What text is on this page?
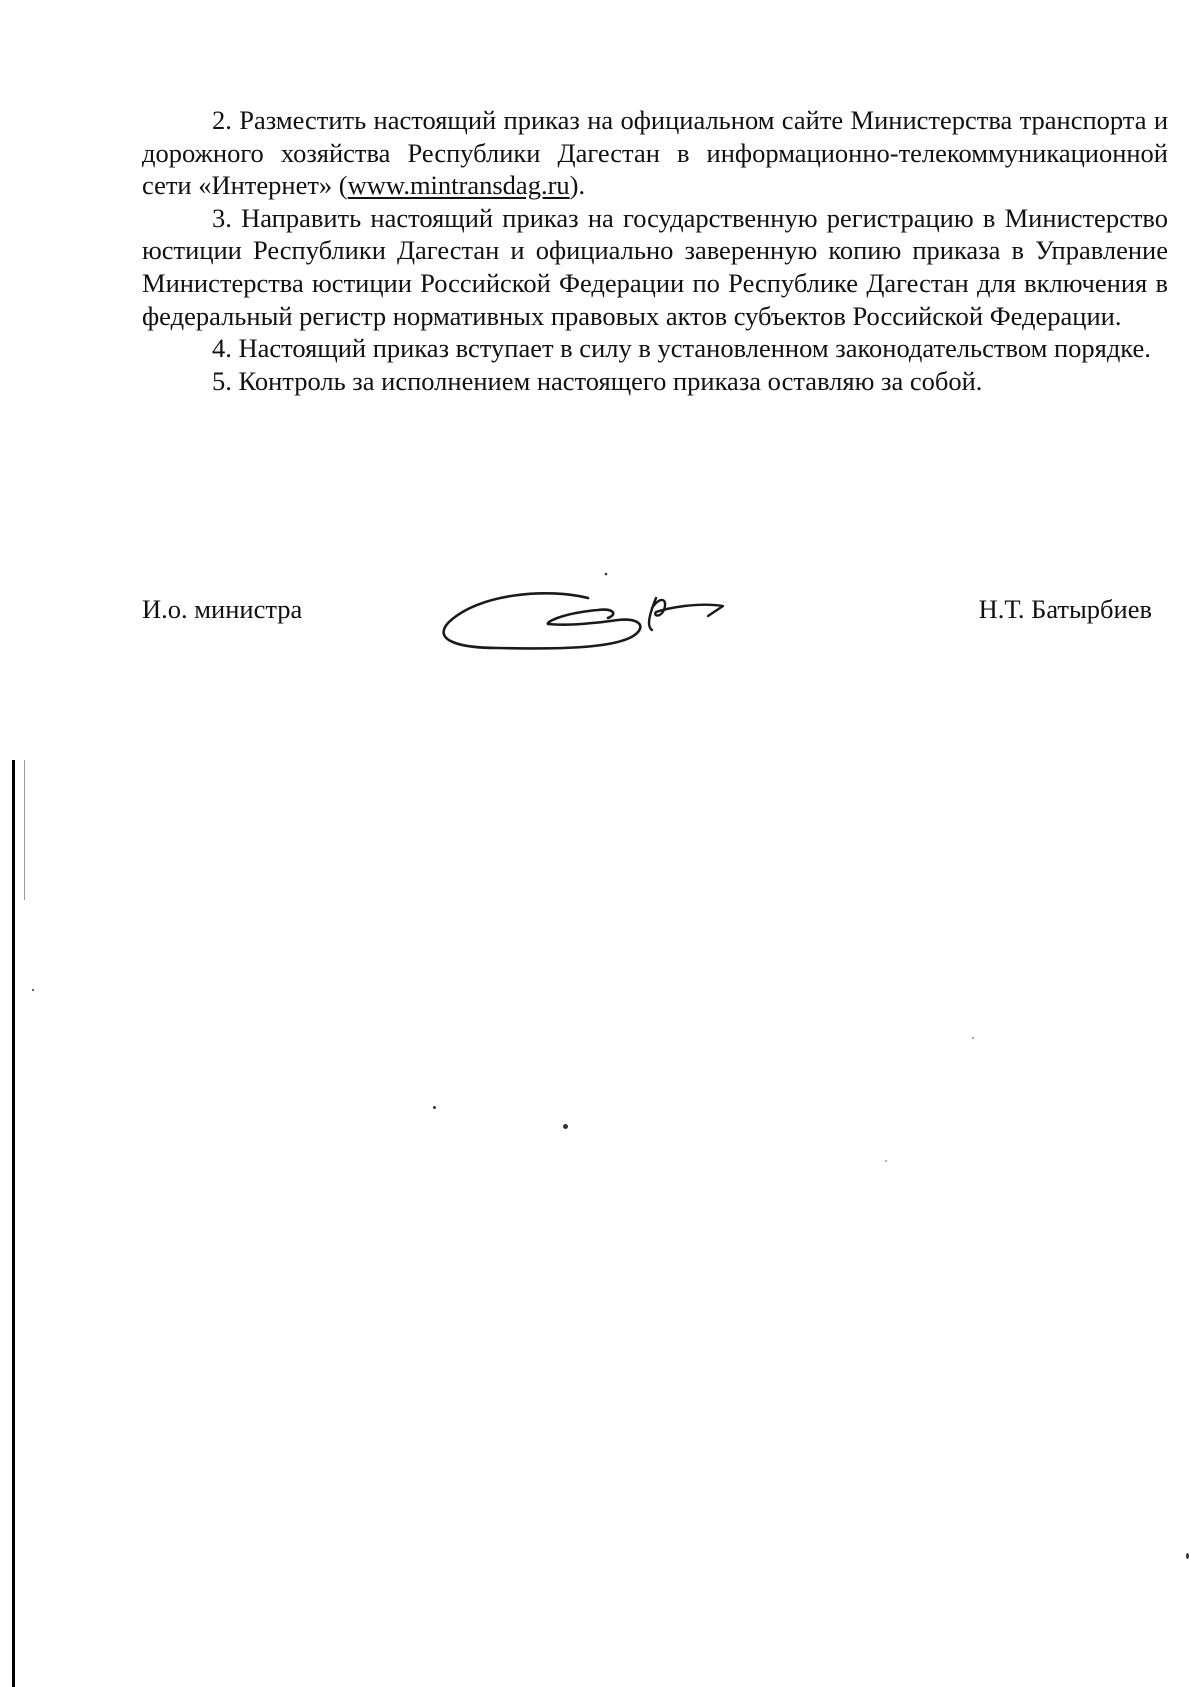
2. Разместить настоящий приказ на официальном сайте Министерства транспорта и дорожного хозяйства Республики Дагестан в информационно-телекоммуникационной сети «Интернет» (www.mintransdag.ru).

3. Направить настоящий приказ на государственную регистрацию в Министерство юстиции Республики Дагестан и официально заверенную копию приказа в Управление Министерства юстиции Российской Федерации по Республике Дагестан для включения в федеральный регистр нормативных правовых актов субъектов Российской Федерации.

4. Настоящий приказ вступает в силу в установленном законодательством порядке.

5. Контроль за исполнением настоящего приказа оставляю за собой.

И.о. министра	Н.Т. Батырбиев
